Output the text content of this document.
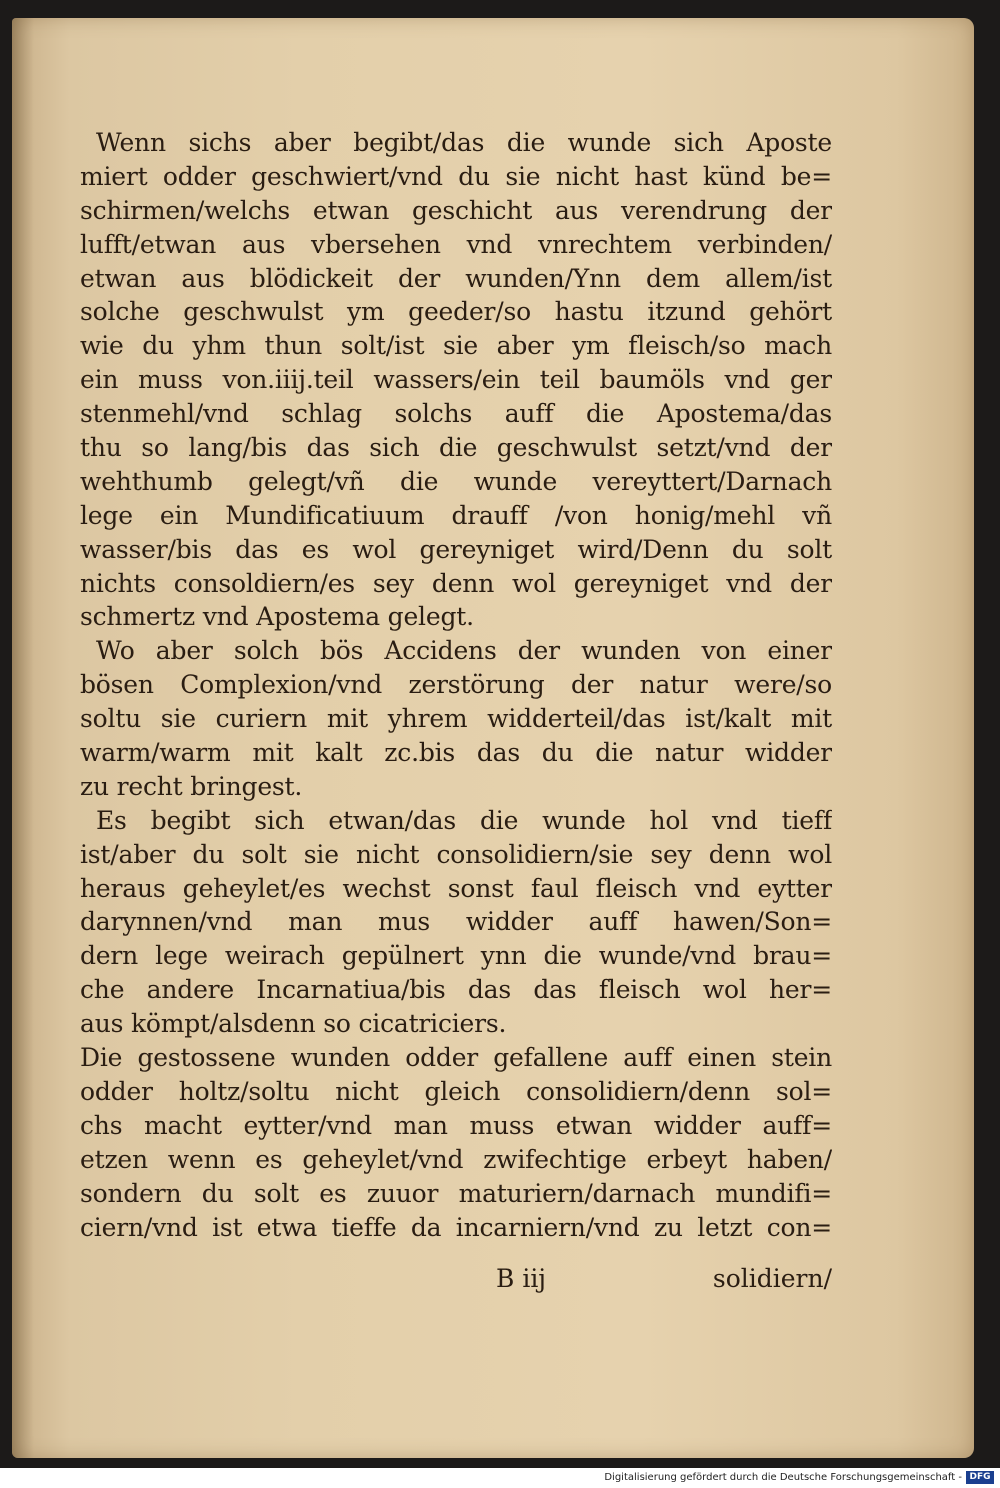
Wenn sichs aber begibt/das die wunde sich Aposte
miert odder geschwiert/vnd du sie nicht hast künd be=
schirmen/welchs etwan geschicht aus verendrung der
lufft/etwan aus vbersehen vnd vnrechtem verbinden/
etwan aus blödickeit der wunden/Ynn dem allem/ist
solche geschwulst ym geeder/so hastu itzund gehört
wie du yhm thun solt/ist sie aber ym fleisch/so mach
ein muss von.iiij.teil wassers/ein teil baumöls vnd ger
stenmehl/vnd schlag solchs auff die Apostema/das
thu so lang/bis das sich die geschwulst setzt/vnd der
wehthumb gelegt/vñ die wunde vereyttert/Darnach
lege ein Mundificatiuum drauff /von honig/mehl vñ
wasser/bis das es wol gereyniget wird/Denn du solt
nichts consoldiern/es sey denn wol gereyniget vnd der
schmertz vnd Apostema gelegt.
Wo aber solch bös Accidens der wunden von einer
bösen Complexion/vnd zerstörung der natur were/so
soltu sie curiern mit yhrem widderteil/das ist/kalt mit
warm/warm mit kalt zc.bis das du die natur widder
zu recht bringest.
Es begibt sich etwan/das die wunde hol vnd tieff
ist/aber du solt sie nicht consolidiern/sie sey denn wol
heraus geheylet/es wechst sonst faul fleisch vnd eytter
darynnen/vnd man mus widder auff hawen/Son=
dern lege weirach gepülnert ynn die wunde/vnd brau=
che andere Incarnatiua/bis das das fleisch wol her=
aus kömpt/alsdenn so cicatriciers.
Die gestossene wunden odder gefallene auff einen stein
odder holtz/soltu nicht gleich consolidiern/denn sol=
chs macht eytter/vnd man muss etwan widder auff=
etzen wenn es geheylet/vnd zwifechtige erbeyt haben/
sondern du solt es zuuor maturiern/darnach mundifi=
ciern/vnd ist etwa tieffe da incarniern/vnd zu letzt con=
B iij	solidiern/
Digitalisierung gefördert durch die Deutsche Forschungsgemeinschaft - DFG
